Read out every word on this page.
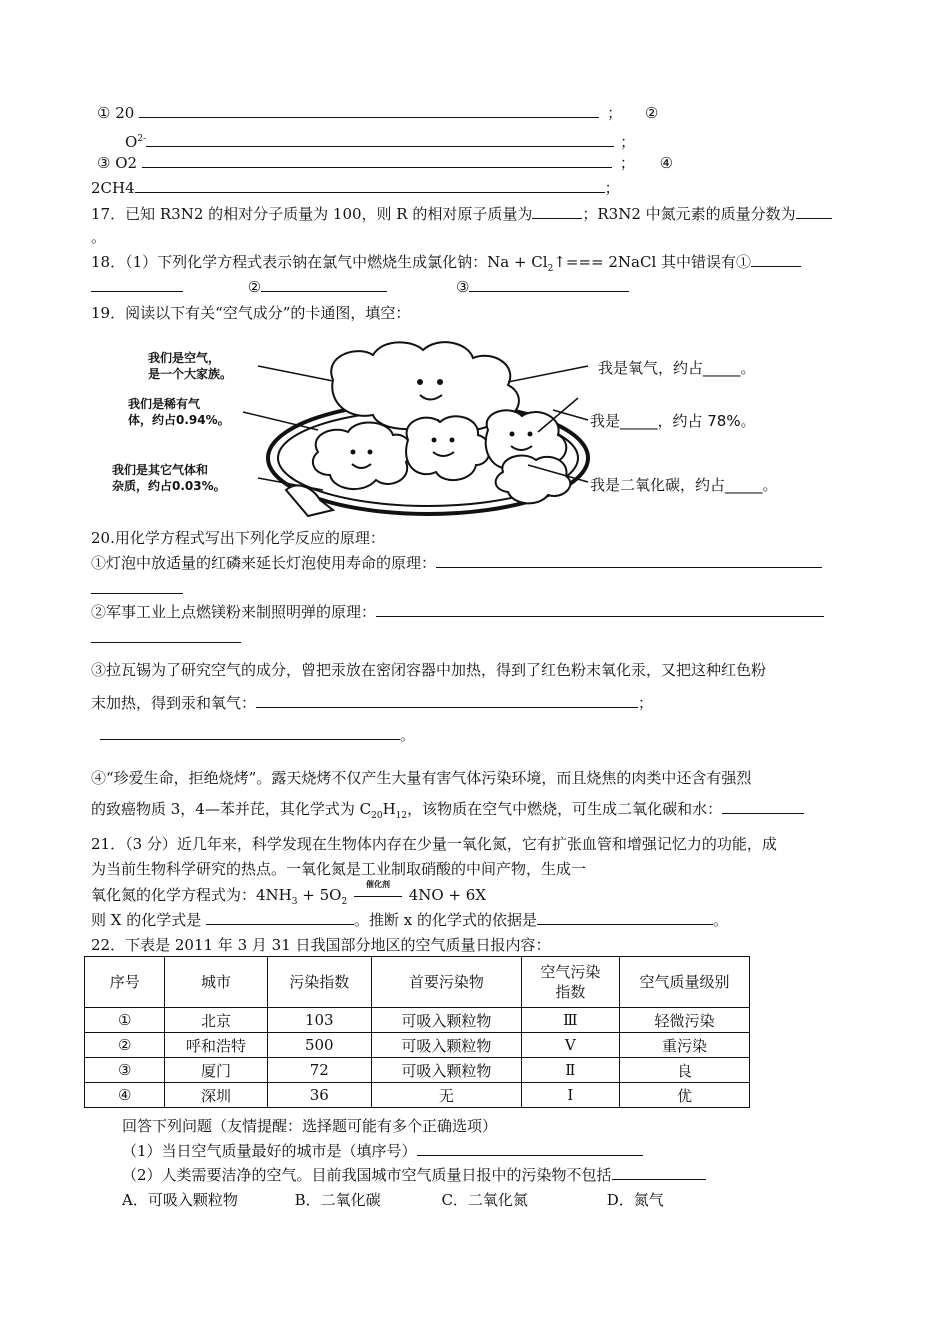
① 20	； ②
$O^{2-}$	；
③ O2	； ④
2CH4	；
17．已知 R3N2 的相对分子质量为 100，则 R 的相对原子质量为	；R3N2 中氮元素的质量分数为
。
18．（1）下列化学方程式表示钠在氯气中燃烧生成氯化钠：$Na + Cl_2↑===$ 2NaCl 其中错误有①
②	③
19．阅读以下有关“空气成分”的卡通图，填空：
我们是空气，
是一个大家族。
我们是稀有气
体，约占0.94%。
我们是其它气体和
杂质，约占0.03%。
我是氧气，约占_____。
我是_____，约占 78%。
我是二氧化碳，约占_____。
20.用化学方程式写出下列化学反应的原理：
①灯泡中放适量的红磷来延长灯泡使用寿命的原理：
②军事工业上点燃镁粉来制照明弹的原理：
③拉瓦锡为了研究空气的成分，曾把汞放在密闭容器中加热，得到了红色粉末氧化汞，又把这种红色粉
末加热，得到汞和氧气：	；
。
④“珍爱生命，拒绝烧烤”。露天烧烤不仅产生大量有害气体污染环境，而且烧焦的肉类中还含有强烈
的致癌物质 3，4—苯并芘，其化学式为 $C_{20}H_{12}$，该物质在空气中燃烧，可生成二氧化碳和水：
21．（3 分）近几年来，科学发现在生物体内存在少量一氧化氮，它有扩张血管和增强记忆力的功能，成
为当前生物科学研究的热点。一氧化氮是工业制取硝酸的中间产物，生成一
氧化氮的化学方程式为：$4NH_3 + 5O_2$
催化剂
4NO + 6X
则 X 的化学式是	。推断 x 的化学式的依据是	。
22．下表是 2011 年 3 月 31 日我国部分地区的空气质量日报内容：
序号	城市	污染指数	首要污染物	空气污染
指数	空气质量级别
①	北京	103	可吸入颗粒物	Ⅲ	轻微污染
②	呼和浩特	500	可吸入颗粒物	Ⅴ	重污染
③	厦门	72	可吸入颗粒物	Ⅱ	良
④	深圳	36	无	Ⅰ	优
回答下列问题（友情提醒：选择题可能有多个正确选项）
（1）当日空气质量最好的城市是（填序号）
（2）人类需要洁净的空气。目前我国城市空气质量日报中的污染物不包括
A．可吸入颗粒物	B．二氧化碳	C．二氧化氮	D．氮气
